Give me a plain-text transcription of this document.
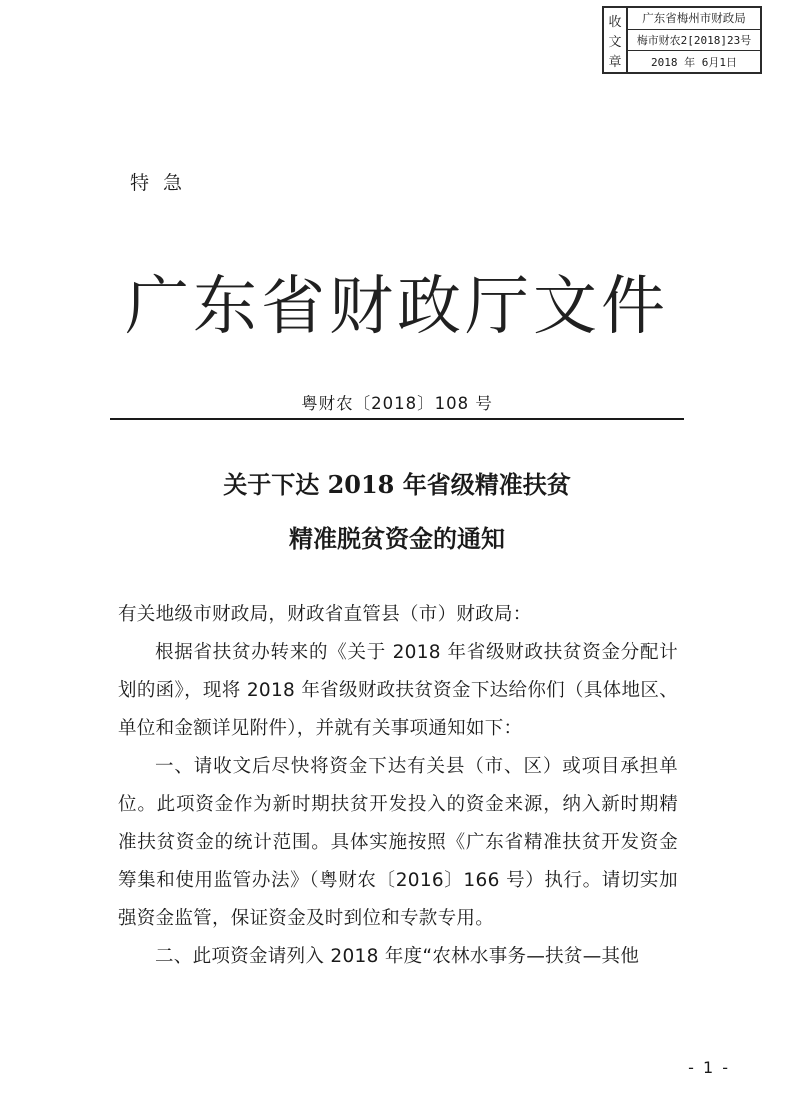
收
文
章
广东省梅州市财政局
梅市财农2[2018]23号
2018 年 6月1日
特急
广东省财政厅文件
粤财农〔2018〕108 号
关于下达 2018 年省级精准扶贫
精准脱贫资金的通知

有关地级市财政局，财政省直管县（市）财政局：

根据省扶贫办转来的《关于 2018 年省级财政扶贫资金分配计划的函》，现将 2018 年省级财政扶贫资金下达给你们（具体地区、单位和金额详见附件），并就有关事项通知如下：

一、请收文后尽快将资金下达有关县（市、区）或项目承担单位。此项资金作为新时期扶贫开发投入的资金来源，纳入新时期精准扶贫资金的统计范围。具体实施按照《广东省精准扶贫开发资金筹集和使用监管办法》（粤财农〔2016〕166 号）执行。请切实加强资金监管，保证资金及时到位和专款专用。

二、此项资金请列入 2018 年度“农林水事务—扶贫—其他

- 1 -
